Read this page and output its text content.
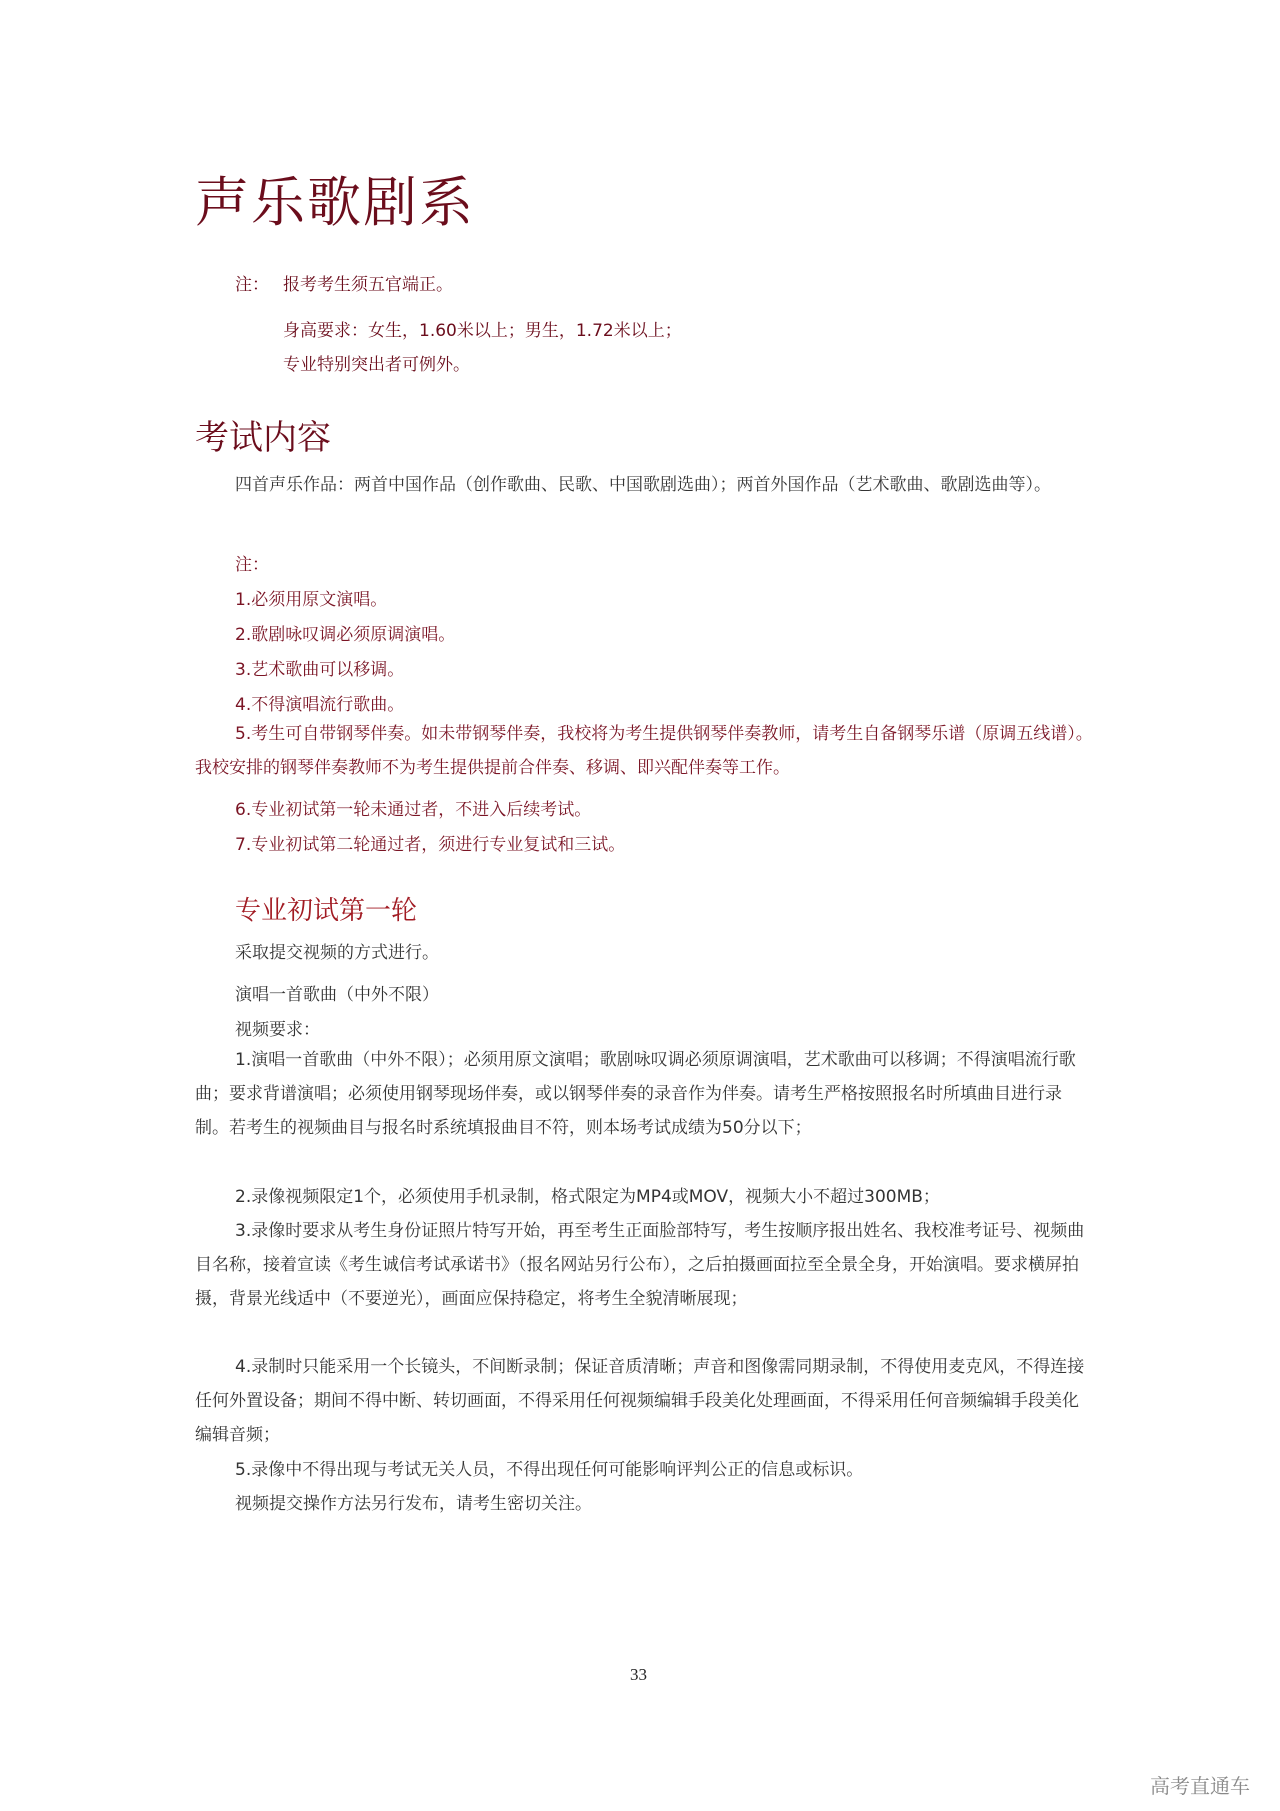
声乐歌剧系

注： 报考考生须五官端正。

身高要求：女生，1.60米以上；男生，1.72米以上；

专业特别突出者可例外。

考试内容

四首声乐作品：两首中国作品（创作歌曲、民歌、中国歌剧选曲）；两首外国作品（艺术歌曲、歌剧选曲等）。

注：

1.必须用原文演唱。

2.歌剧咏叹调必须原调演唱。

3.艺术歌曲可以移调。

4.不得演唱流行歌曲。

5.考生可自带钢琴伴奏。如未带钢琴伴奏，我校将为考生提供钢琴伴奏教师，请考生自备钢琴乐谱（原调五线谱）。我校安排的钢琴伴奏教师不为考生提供提前合伴奏、移调、即兴配伴奏等工作。

6.专业初试第一轮未通过者，不进入后续考试。

7.专业初试第二轮通过者，须进行专业复试和三试。

专业初试第一轮

采取提交视频的方式进行。

演唱一首歌曲（中外不限）

视频要求：

1.演唱一首歌曲（中外不限）；必须用原文演唱；歌剧咏叹调必须原调演唱，艺术歌曲可以移调；不得演唱流行歌曲；要求背谱演唱；必须使用钢琴现场伴奏，或以钢琴伴奏的录音作为伴奏。请考生严格按照报名时所填曲目进行录制。若考生的视频曲目与报名时系统填报曲目不符，则本场考试成绩为50分以下；

2.录像视频限定1个，必须使用手机录制，格式限定为MP4或MOV，视频大小不超过300MB；

3.录像时要求从考生身份证照片特写开始，再至考生正面脸部特写，考生按顺序报出姓名、我校准考证号、视频曲目名称，接着宣读《考生诚信考试承诺书》（报名网站另行公布），之后拍摄画面拉至全景全身，开始演唱。要求横屏拍摄，背景光线适中（不要逆光），画面应保持稳定，将考生全貌清晰展现；

4.录制时只能采用一个长镜头，不间断录制；保证音质清晰；声音和图像需同期录制，不得使用麦克风，不得连接任何外置设备；期间不得中断、转切画面，不得采用任何视频编辑手段美化处理画面，不得采用任何音频编辑手段美化编辑音频；

5.录像中不得出现与考试无关人员，不得出现任何可能影响评判公正的信息或标识。

视频提交操作方法另行发布，请考生密切关注。

33
高考直通车
